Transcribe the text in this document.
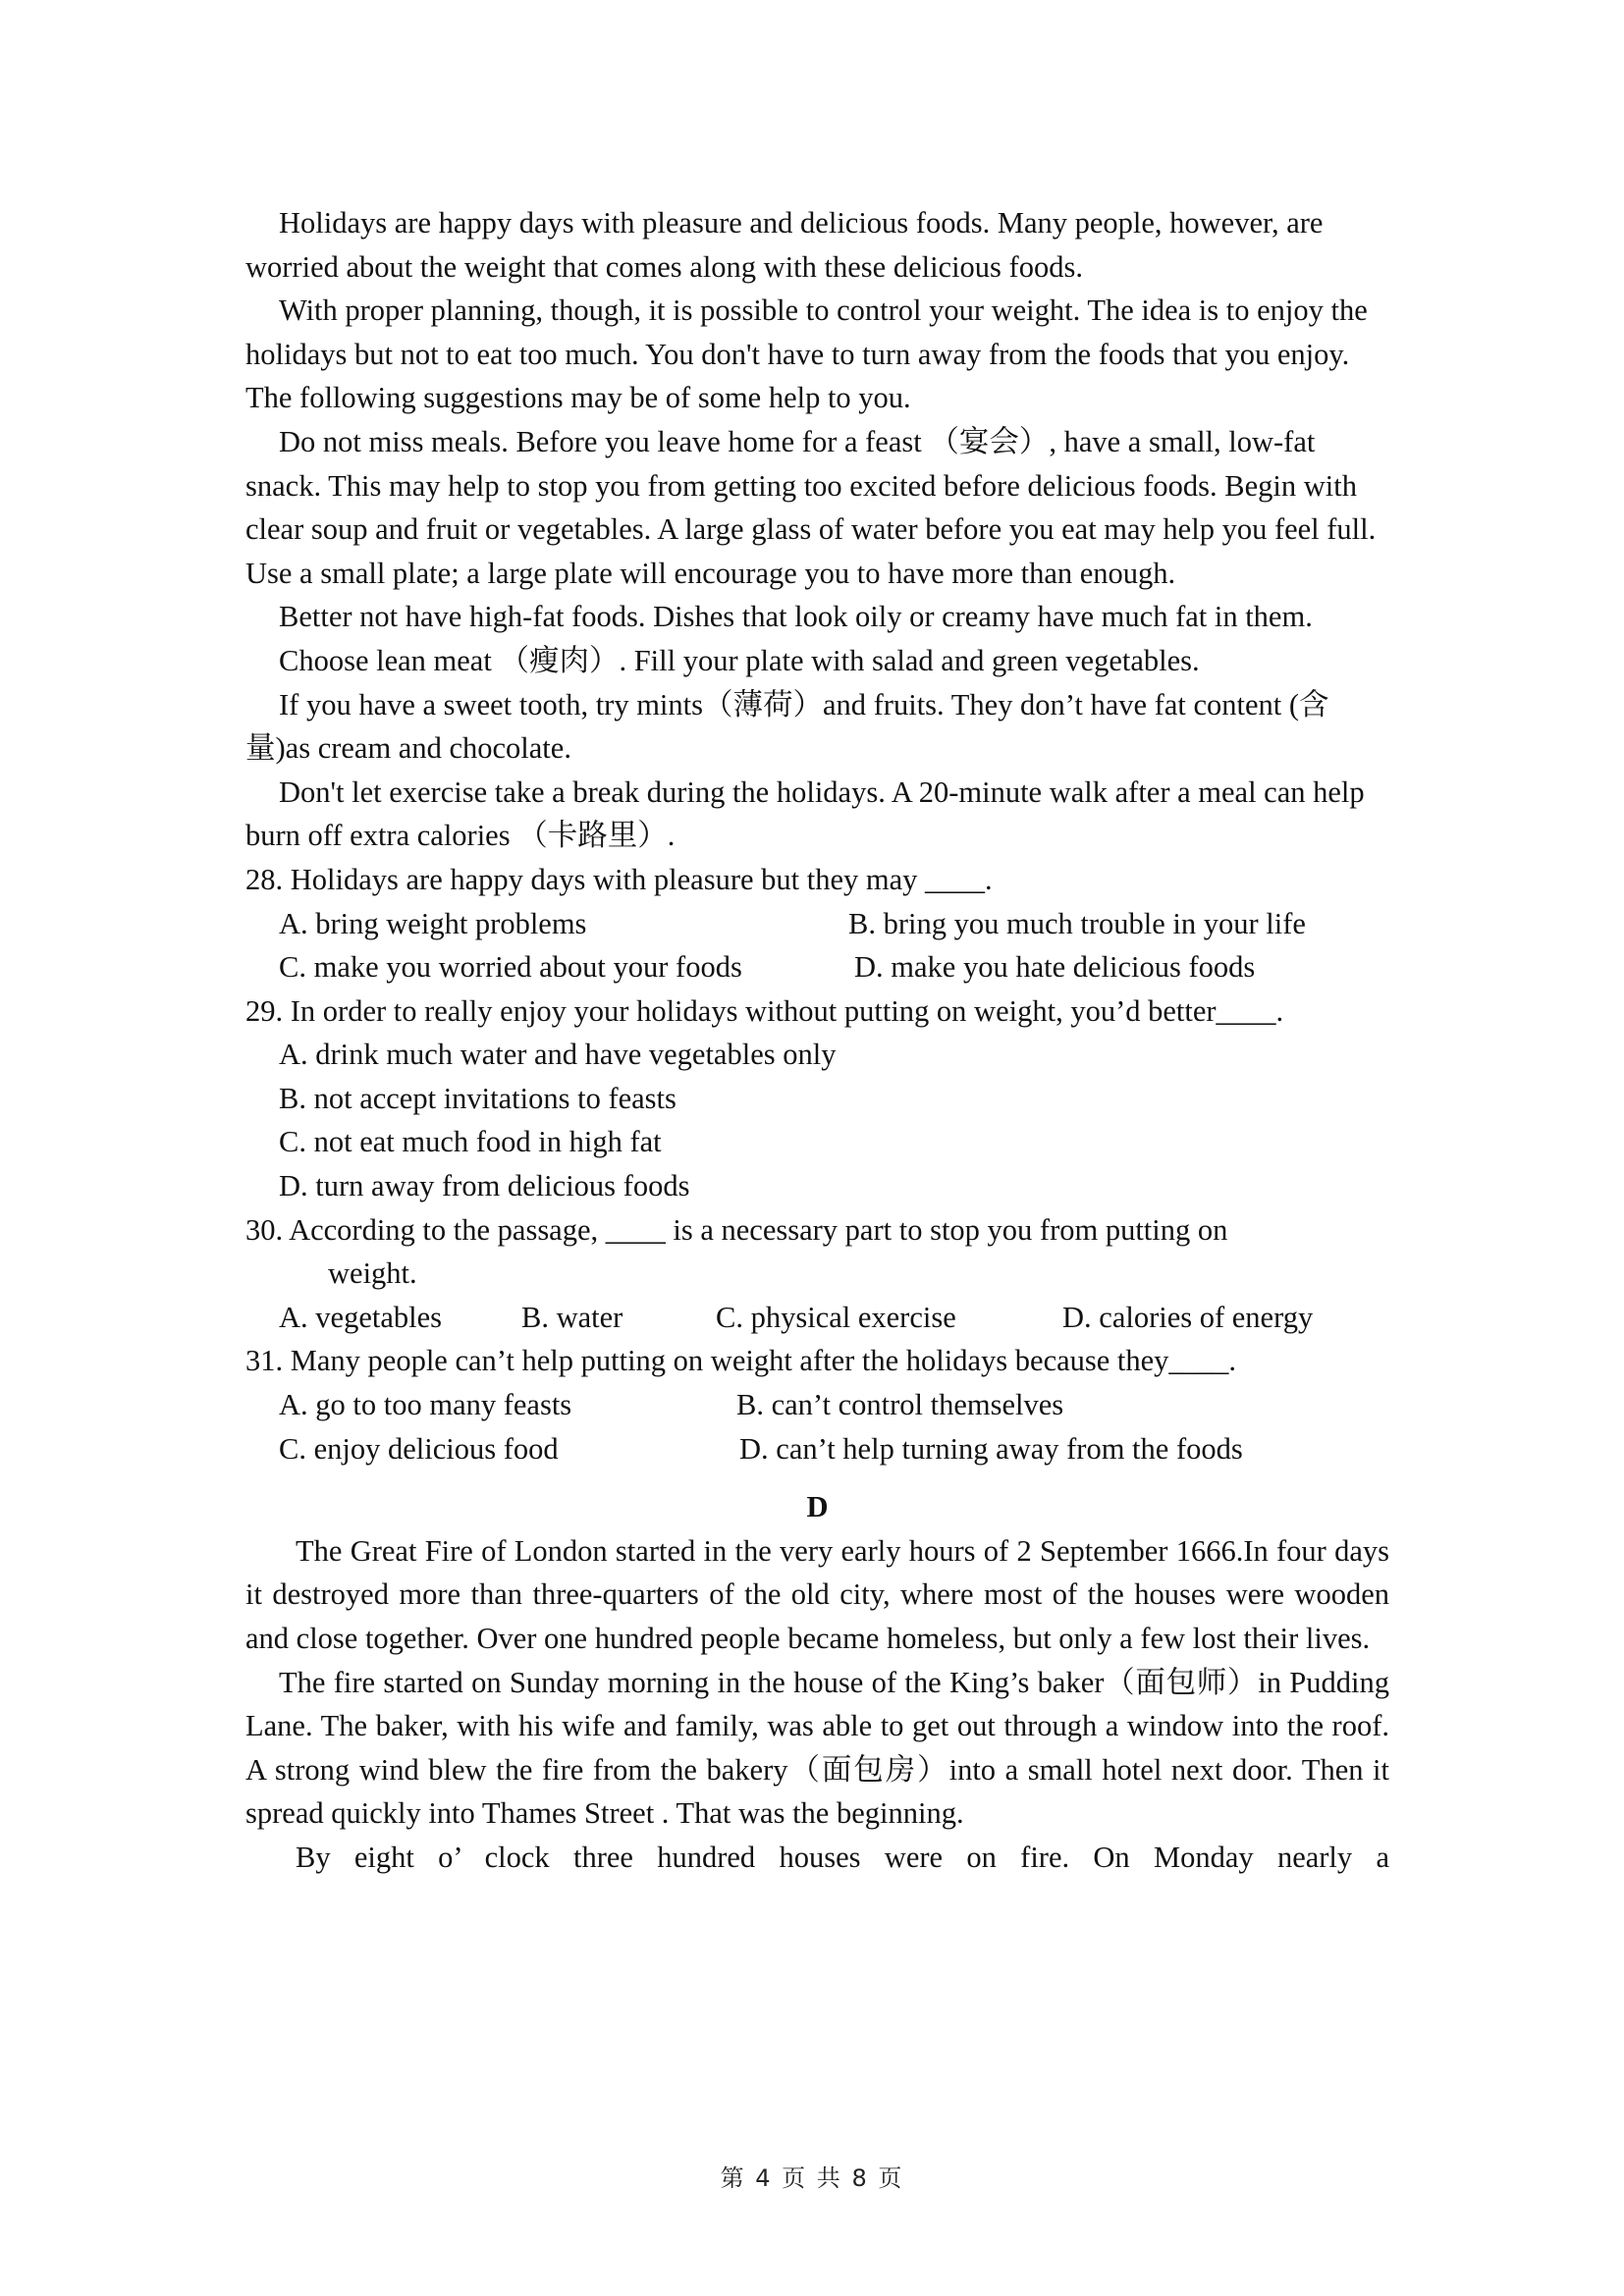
Holidays are happy days with pleasure and delicious foods. Many people, however, are worried about the weight that comes along with these delicious foods.

With proper planning, though, it is possible to control your weight. The idea is to enjoy the holidays but not to eat too much. You don't have to turn away from the foods that you enjoy. The following suggestions may be of some help to you.

Do not miss meals. Before you leave home for a feast （宴会）, have a small, low-fat snack. This may help to stop you from getting too excited before delicious foods. Begin with clear soup and fruit or vegetables. A large glass of water before you eat may help you feel full. Use a small plate; a large plate will encourage you to have more than enough.

Better not have high-fat foods. Dishes that look oily or creamy have much fat in them.

Choose lean meat （瘦肉）. Fill your plate with salad and green vegetables.

If you have a sweet tooth, try mints（薄荷）and fruits. They don’t have fat content (含量)as cream and chocolate.

Don't let exercise take a break during the holidays. A 20-minute walk after a meal can help burn off extra calories （卡路里）.

28. Holidays are happy days with pleasure but they may ____.

A. bring weight problems	B. bring you much trouble in your life
C. make you worried about your foods	D. make you hate delicious foods

29. In order to really enjoy your holidays without putting on weight, you’d better____.

A. drink much water and have vegetables only

B. not accept invitations to feasts

C. not eat much food in high fat

D. turn away from delicious foods

30. According to the passage, ____ is a necessary part to stop you from putting on
weight.

A. vegetables	B. water	C. physical exercise	D. calories of energy

31. Many people can’t help putting on weight after the holidays because they____.

A. go to too many feasts	B. can’t control themselves
C. enjoy delicious food	D. can’t help turning away from the foods

D

The Great Fire of London started in the very early hours of 2 September 1666.In four days it destroyed more than three-quarters of the old city, where most of the houses were wooden and close together. Over one hundred people became homeless, but only a few lost their lives.

The fire started on Sunday morning in the house of the King’s baker（面包师）in Pudding Lane. The baker, with his wife and family, was able to get out through a window into the roof. A strong wind blew the fire from the bakery（面包房）into a small hotel next door. Then it spread quickly into Thames Street . That was the beginning.

By eight o’ clock three hundred houses were on fire. On Monday nearly a

第 4 页 共 8 页
